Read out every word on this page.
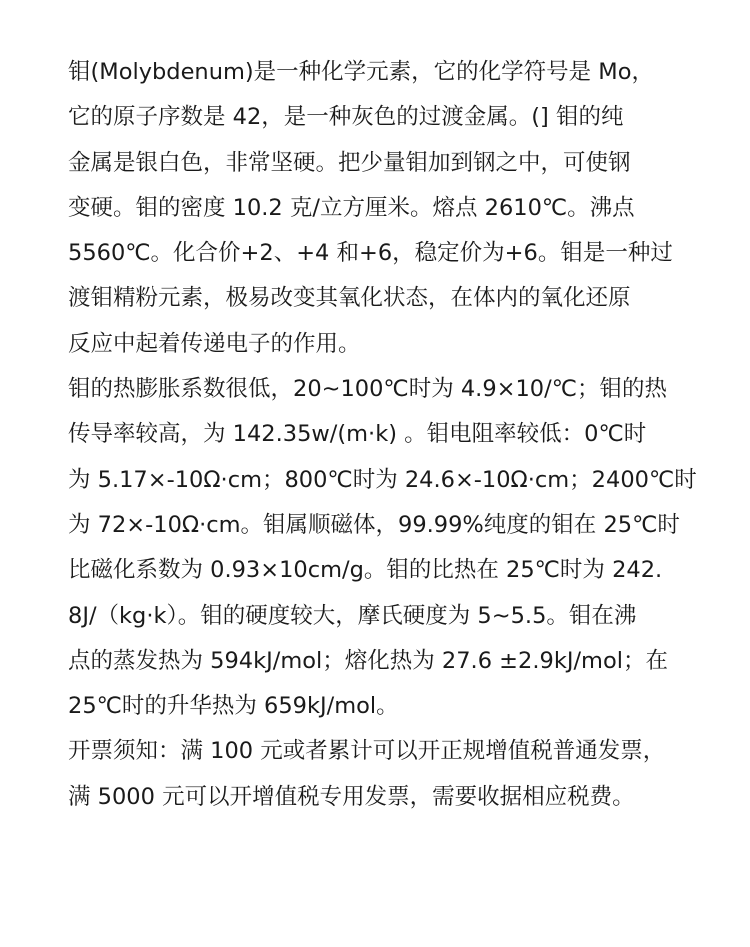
钼(Molybdenum)是一种化学元素，它的化学符号是 Mo，
它的原子序数是 42，是一种灰色的过渡金属。(] 钼的纯
金属是银白色，非常坚硬。把少量钼加到钢之中，可使钢
变硬。钼的密度 10.2 克/立方厘米。熔点 2610℃。沸点
5560℃。化合价+2、+4 和+6，稳定价为+6。钼是一种过
渡钼精粉元素，极易改变其氧化状态，在体内的氧化还原
反应中起着传递电子的作用。
钼的热膨胀系数很低，20~100℃时为 4.9×10/℃；钼的热
传导率较高，为 142.35w/(m·k) 。钼电阻率较低：0℃时
为 5.17×-10Ω·cm；800℃时为 24.6×-10Ω·cm；2400℃时
为 72×-10Ω·cm。钼属顺磁体，99.99%纯度的钼在 25℃时
比磁化系数为 0.93×10cm/g。钼的比热在 25℃时为 242.
8J/（kg·k）。钼的硬度较大，摩氏硬度为 5~5.5。钼在沸
点的蒸发热为 594kJ/mol；熔化热为 27.6 ±2.9kJ/mol；在
25℃时的升华热为 659kJ/mol。
开票须知：满 100 元或者累计可以开正规增值税普通发票，
满 5000 元可以开增值税专用发票，需要收据相应税费。
